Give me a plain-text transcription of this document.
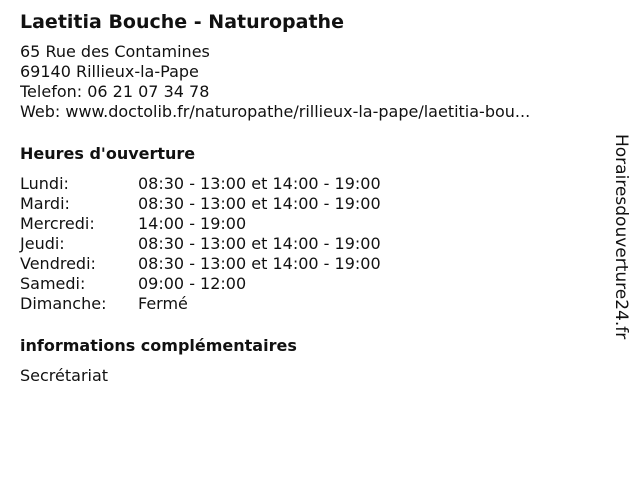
Laetitia Bouche - Naturopathe
65 Rue des Contamines
69140 Rillieux-la-Pape
Telefon: 06 21 07 34 78
Web: www.doctolib.fr/naturopathe/rillieux-la-pape/laetitia-bou...
Heures d'ouverture
Lundi:	08:30 - 13:00 et 14:00 - 19:00
Mardi:	08:30 - 13:00 et 14:00 - 19:00
Mercredi:	14:00 - 19:00
Jeudi:	08:30 - 13:00 et 14:00 - 19:00
Vendredi:	08:30 - 13:00 et 14:00 - 19:00
Samedi:	09:00 - 12:00
Dimanche:	Fermé
informations complémentaires
Secrétariat
Horairesdouverture24.fr
